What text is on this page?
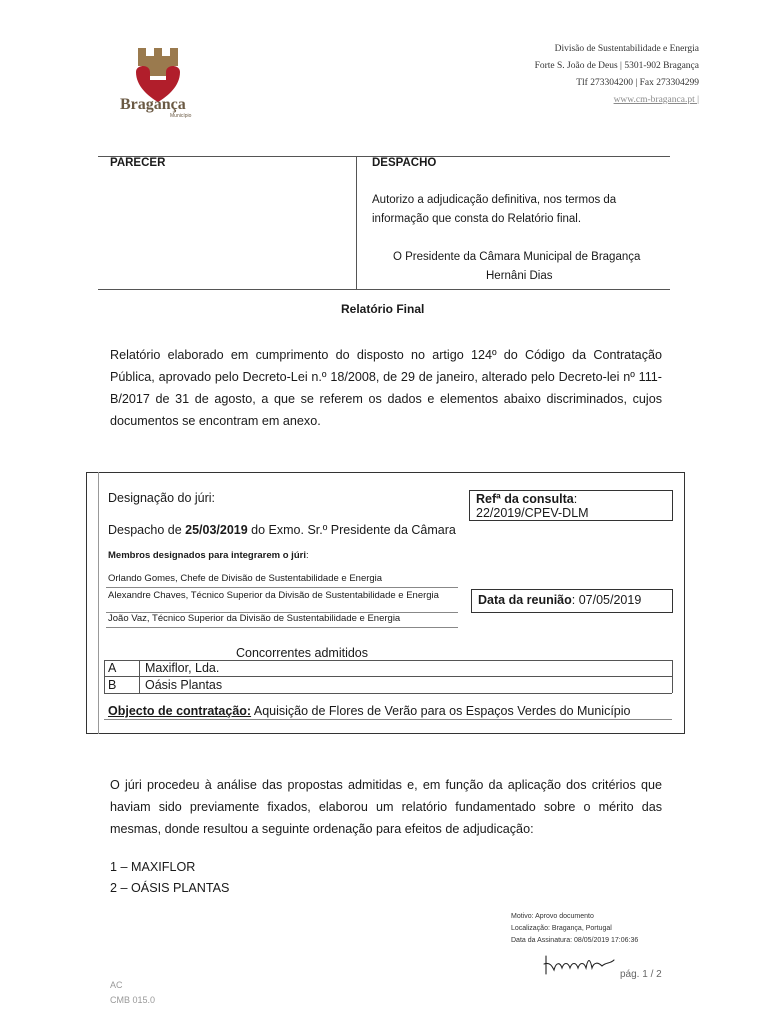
Bragança
Município
Divisão de Sustentabilidade e Energia
Forte S. João de Deus | 5301-902 Bragança
Tlf 273304200 | Fax 273304299
www.cm-braganca.pt |
PARECER	DESPACHO
Autorizo a adjudicação definitiva, nos termos da
informação que consta do Relatório final.
O Presidente da Câmara Municipal de Bragança
Hernâni Dias
Relatório Final
Relatório elaborado em cumprimento do disposto no artigo 124º do Código da Contratação Pública, aprovado pelo Decreto-Lei n.º 18/2008, de 29 de janeiro, alterado pelo Decreto-lei nº 111-B/2017 de 31 de agosto, a que se referem os dados e elementos abaixo discriminados, cujos documentos se encontram em anexo.
Designação do júri:	Refª da consulta:
22/2019/CPEV-DLM
Despacho de 25/03/2019 do Exmo. Sr.º Presidente da Câmara
Membros designados para integrarem o júri:
Orlando Gomes, Chefe de Divisão de Sustentabilidade e Energia
Alexandre Chaves, Técnico Superior da Divisão de Sustentabilidade e Energia
João Vaz, Técnico Superior da Divisão de Sustentabilidade e Energia
Data da reunião: 07/05/2019
Concorrentes admitidos
A Maxiflor, Lda.
B Oásis Plantas
Objecto de contratação: Aquisição de Flores de Verão para os Espaços Verdes do Município
O júri procedeu à análise das propostas admitidas e, em função da aplicação dos critérios que haviam sido previamente fixados, elaborou um relatório fundamentado sobre o mérito das mesmas, donde resultou a seguinte ordenação para efeitos de adjudicação:
1 – MAXIFLOR
2 – OÁSIS PLANTAS
Motivo: Aprovo documento
Localização: Bragança, Portugal
Data da Assinatura: 08/05/2019 17:06:36
pág. 1 / 2
AC
CMB 015.0
